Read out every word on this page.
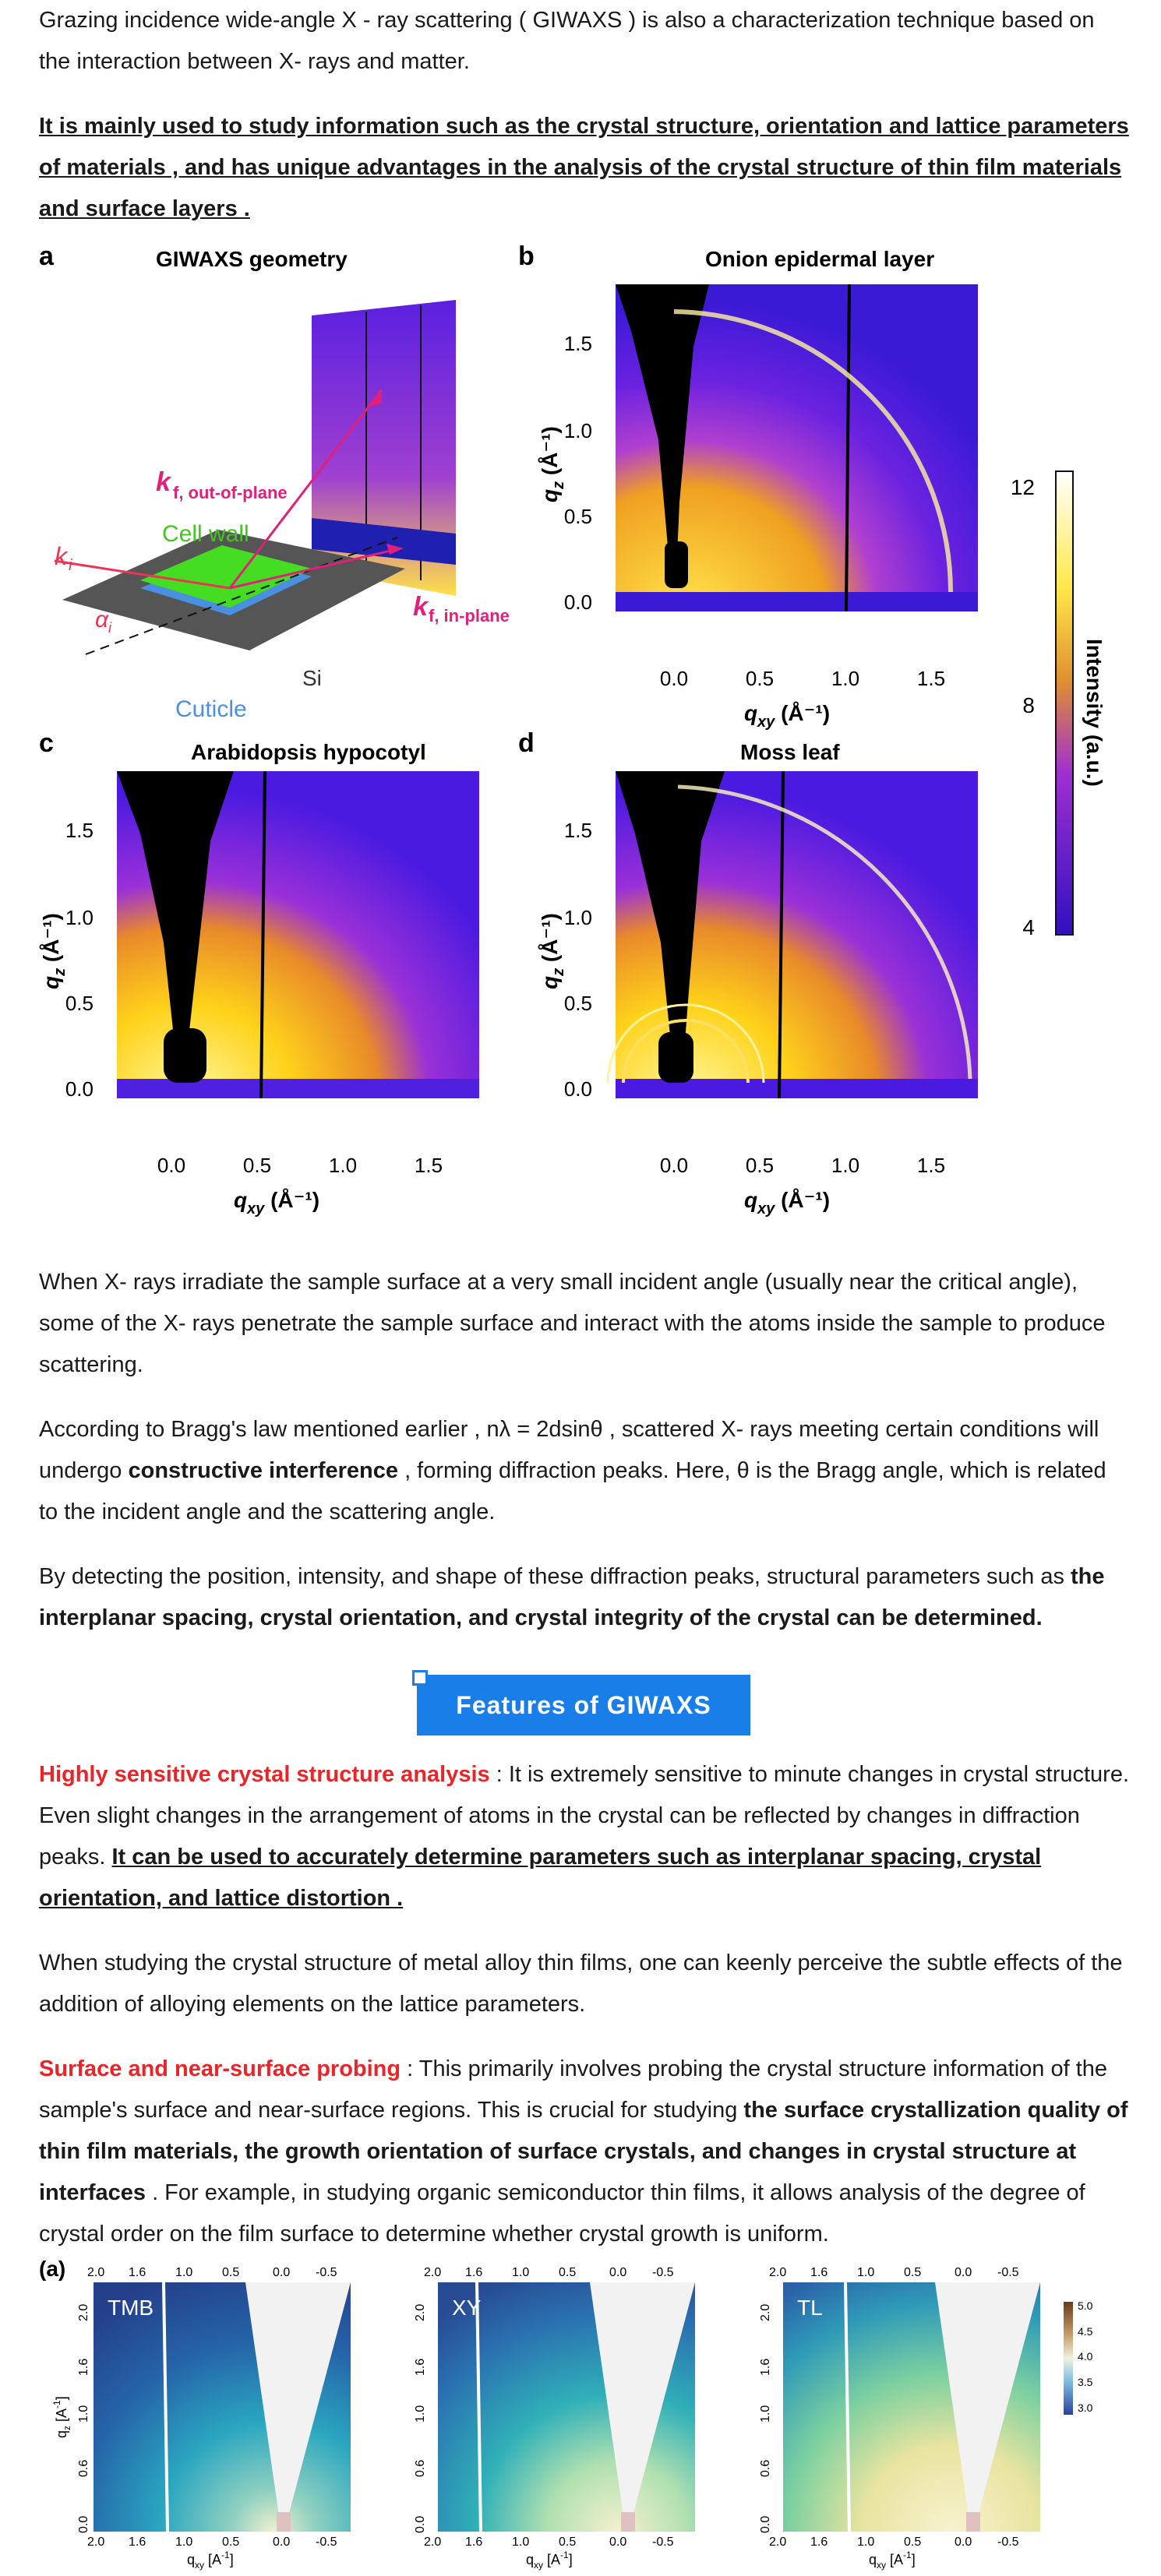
Grazing incidence wide-angle X - ray scattering ( GIWAXS ) is also a characterization technique based on the interaction between X- rays and matter.

It is mainly used to study information such as the crystal structure, orientation and lattice parameters of materials , and has unique advantages in the analysis of the crystal structure of thin film materials and surface layers .

a	GIWAXS geometry	b	Onion epidermal layer
c	Arabidopsis hypocotyl	d	Moss leaf
k f, out-of-plane
Cell wall
k i
α i
k f, in-plane
Si
Cuticle
1.5
1.0
0.5
0.0
$q_z$ (Å⁻¹)
0.0	0.5	1.0	1.5
$q_{xy}$ (Å⁻¹)
1.5
1.0
0.5
0.0
$q_z$ (Å⁻¹)
0.0	0.5	1.0	1.5
$q_{xy}$ (Å⁻¹)
1.5
1.0
0.5
0.0
$q_z$ (Å⁻¹)
0.0	0.5	1.0	1.5
$q_{xy}$ (Å⁻¹)
12
8
4
Intensity (a.u.)

When X- rays irradiate the sample surface at a very small incident angle (usually near the critical angle), some of the X- rays penetrate the sample surface and interact with the atoms inside the sample to produce scattering.

According to Bragg's law mentioned earlier , nλ = 2dsinθ , scattered X- rays meeting certain conditions will undergo constructive interference , forming diffraction peaks. Here, θ is the Bragg angle, which is related to the incident angle and the scattering angle.

By detecting the position, intensity, and shape of these diffraction peaks, structural parameters such as the interplanar spacing, crystal orientation, and crystal integrity of the crystal can be determined.

Features of GIWAXS

Highly sensitive crystal structure analysis : It is extremely sensitive to minute changes in crystal structure. Even slight changes in the arrangement of atoms in the crystal can be reflected by changes in diffraction peaks. It can be used to accurately determine parameters such as interplanar spacing, crystal orientation, and lattice distortion .

When studying the crystal structure of metal alloy thin films, one can keenly perceive the subtle effects of the addition of alloying elements on the lattice parameters.

Surface and near-surface probing : This primarily involves probing the crystal structure information of the sample's surface and near-surface regions. This is crucial for studying the surface crystallization quality of thin film materials, the growth orientation of surface crystals, and changes in crystal structure at interfaces . For example, in studying organic semiconductor thin films, it allows analysis of the degree of crystal order on the film surface to determine whether crystal growth is uniform.

(a)
TMB	XY	TL
2.0 1.6 1.0 0.5	0.0 -0.5
2.0 1.6 1.0 0.5	0.0 -0.5
$q_{xy}$ $[A^{-1}]$
$q_z$ $[A^{-1}]$
2.0
1.6
1.0
0.6
0.0
2.0 1.6 1.0 0.5	0.0 -0.5
2.0 1.6 1.0 0.5	0.0 -0.5
$q_{xy}$ $[A^{-1}]$
2.0
1.6
1.0
0.6
0.0
2.0 1.6 1.0 0.5	0.0 -0.5
2.0 1.6 1.0 0.5	0.0 -0.5
$q_{xy}$ $[A^{-1}]$
2.0
1.6
1.0
0.6
0.0
5.0
4.5
4.0
3.5
3.0
